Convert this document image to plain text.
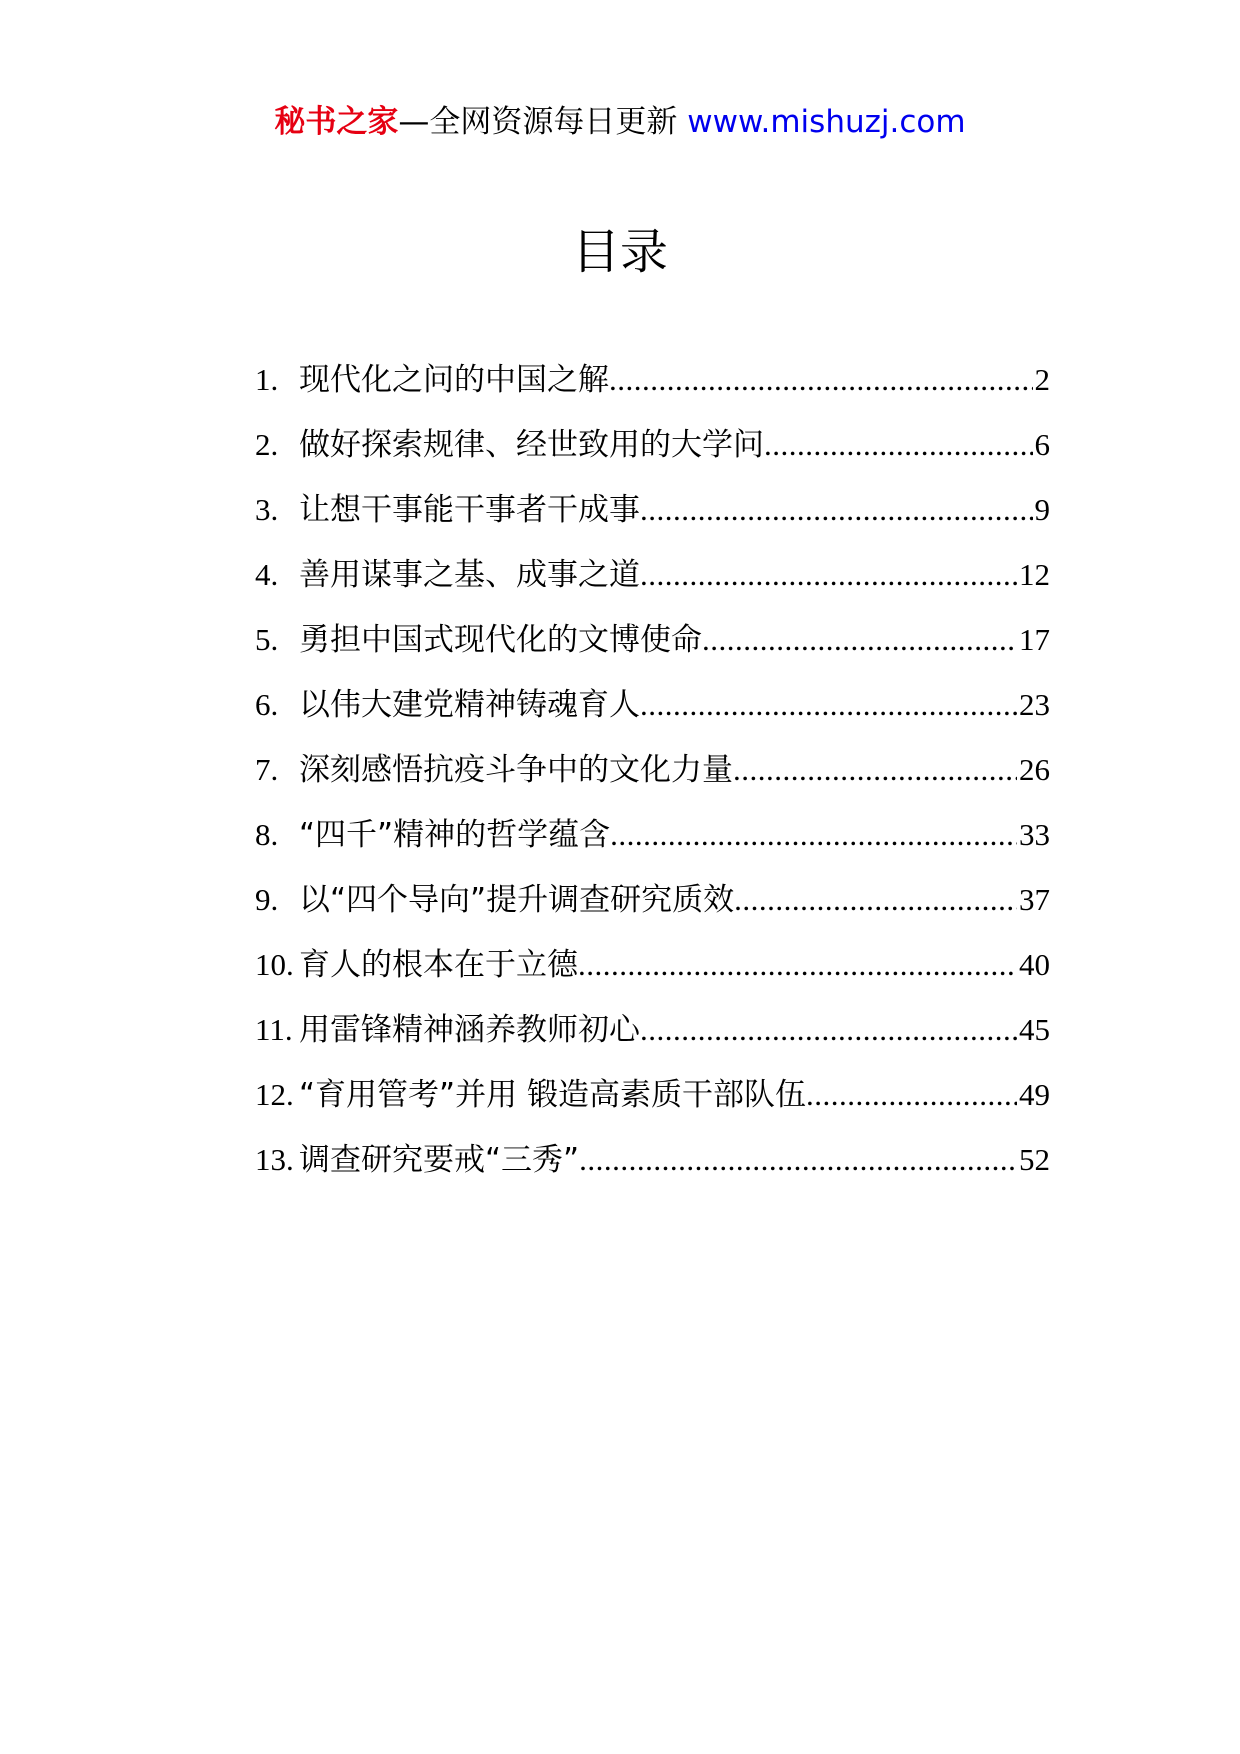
秘书之家—全网资源每日更新 www.mishuzj.com
目录
1. 现代化之问的中国之解 .....	2
2. 做好探索规律、经世致用的大学问 .....	6
3. 让想干事能干事者干成事 .....	9
4. 善用谋事之基、成事之道 .....	12
5. 勇担中国式现代化的文博使命 .....	17
6. 以伟大建党精神铸魂育人 .....	23
7. 深刻感悟抗疫斗争中的文化力量 .....	26
8. “四千”精神的哲学蕴含 .....	33
9. 以“四个导向”提升调查研究质效 .....	37
10. 育人的根本在于立德 .....	40
11. 用雷锋精神涵养教师初心 .....	45
12. “育用管考”并用 锻造高素质干部队伍 .....	49
13. 调查研究要戒“三秀” .....	52
